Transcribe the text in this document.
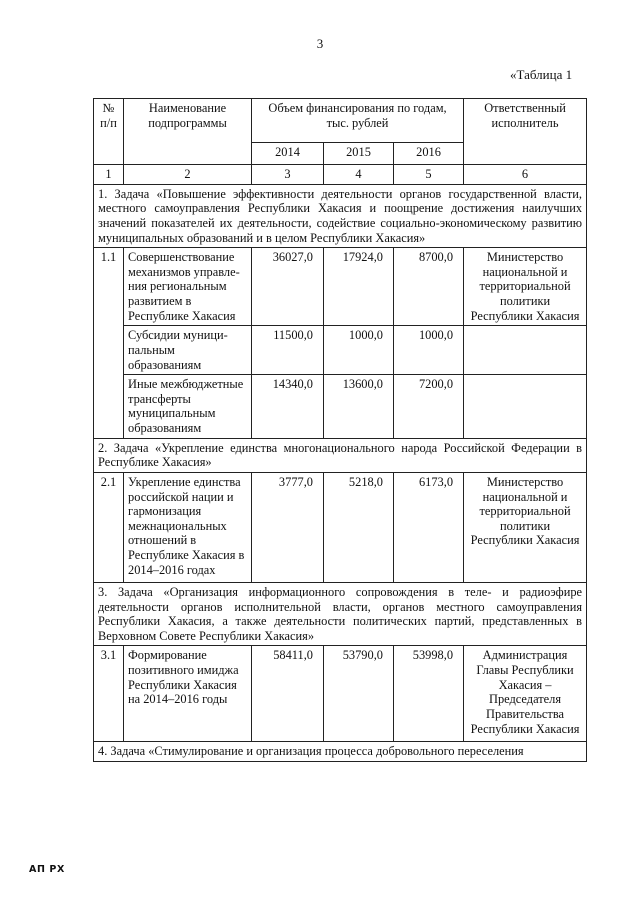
3
«Таблица 1
№ п/п	Наименование подпрограммы	Объем финансирования по годам, тыс. рублей			Ответственный исполнитель
		2014	2015	2016	
1	2	3	4	5	6
1. Задача «Повышение эффективности деятельности органов государственной власти, местного самоуправления Республики Хакасия и поощрение достижения наилучших значений показателей их деятельности, содействие социально-экономическому развитию муниципальных образований и в целом Республики Хакасия»					
1.1	Совершенствование механизмов управле-ния региональным развитием в Республике Хакасия	36027,0	17924,0	8700,0	Министерство национальной и территориальной политики Республики Хакасия
	Субсидии муници-пальным образованиям	11500,0	1000,0	1000,0	
	Иные межбюджетные трансферты муниципальным образованиям	14340,0	13600,0	7200,0	
2. Задача «Укрепление единства многонационального народа Российской Федерации в Республике Хакасия»					
2.1	Укрепление единства российской нации и гармонизация межнациональных отношений в Республике Хакасия в 2014–2016 годах	3777,0	5218,0	6173,0	Министерство национальной и территориальной политики Республики Хакасия
3. Задача «Организация информационного сопровождения в теле- и радиоэфире деятельности органов исполнительной власти, органов местного самоуправления Республики Хакасия, а также деятельности политических партий, представленных в Верховном Совете Республики Хакасия»					
3.1	Формирование позитивного имиджа Республики Хакасия на 2014–2016 годы	58411,0	53790,0	53998,0	Администрация Главы Республики Хакасия – Председателя Правительства Республики Хакасия
4. Задача «Стимулирование и организация процесса добровольного переселения					
АП РХ
